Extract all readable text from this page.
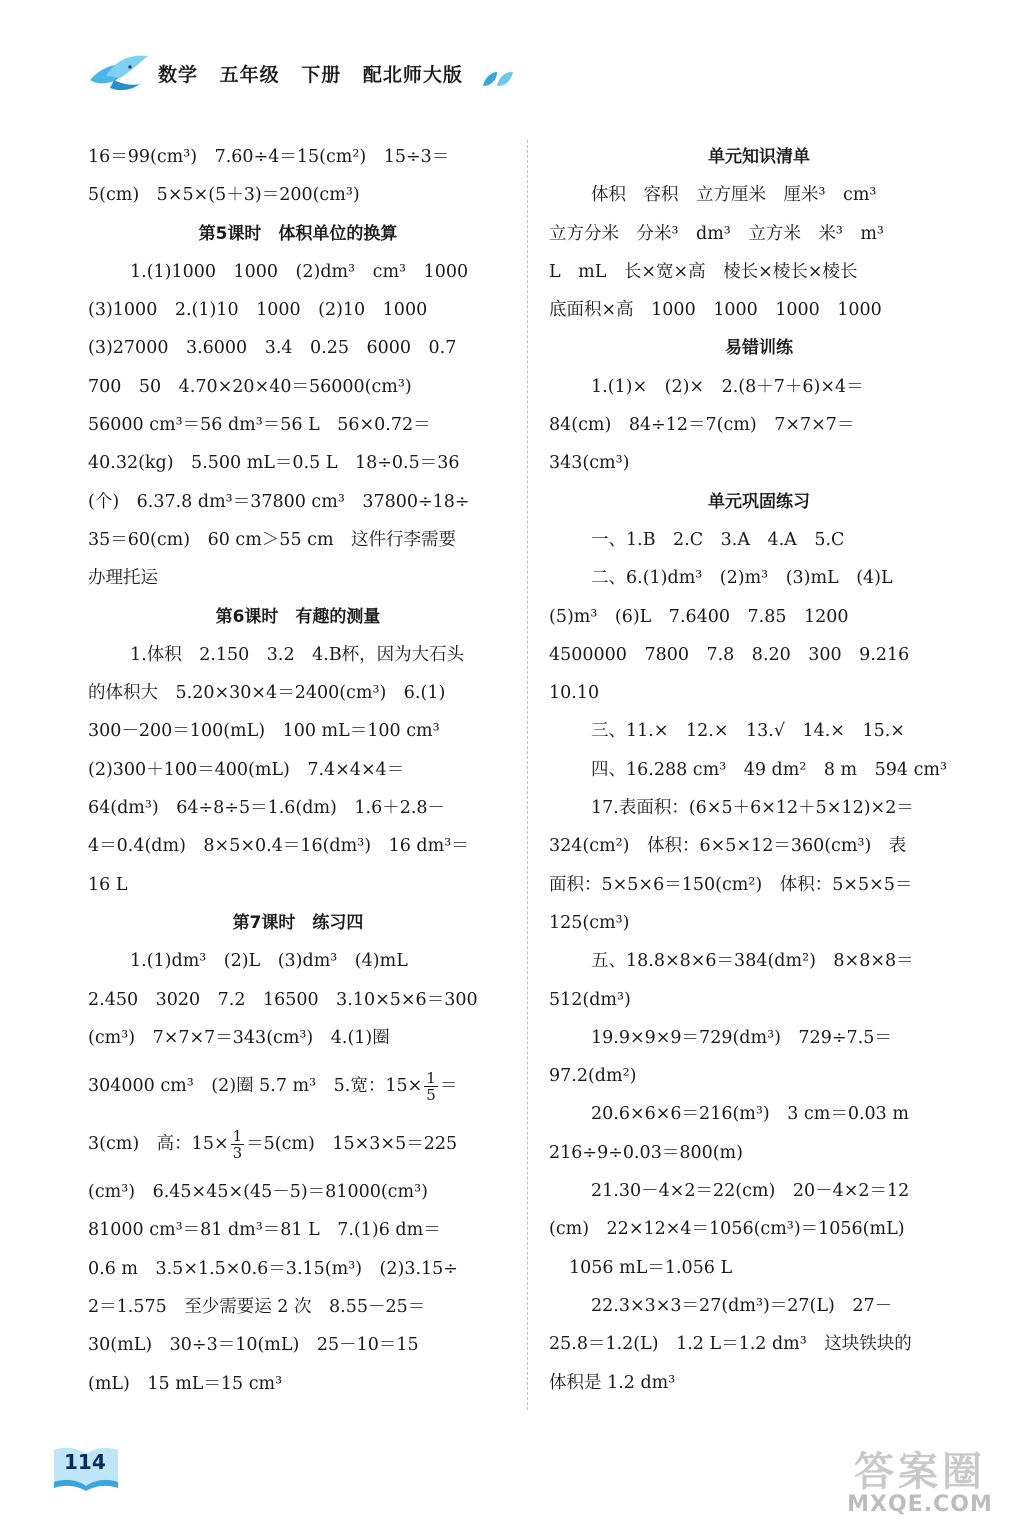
数学 五年级 下册 配北师大版
16＝99(cm³)　7.60÷4＝15(cm²)　15÷3＝
5(cm)　5×5×(5＋3)＝200(cm³)
第5课时　体积单位的换算
1.(1)1000　1000　(2)dm³　cm³　1000
(3)1000　2.(1)10　1000　(2)10　1000
(3)27000　3.6000　3.4　0.25　6000　0.7
700　50　4.70×20×40＝56000(cm³)
56000 cm³＝56 dm³＝56 L　56×0.72＝
40.32(kg)　5.500 mL＝0.5 L　18÷0.5＝36
(个)　6.37.8 dm³＝37800 cm³　37800÷18÷
35＝60(cm)　60 cm＞55 cm　这件行李需要
办理托运
第6课时　有趣的测量
1.体积　2.150　3.2　4.B杯，因为大石头
的体积大　5.20×30×4＝2400(cm³)　6.(1)
300－200＝100(mL)　100 mL＝100 cm³
(2)300＋100＝400(mL)　7.4×4×4＝
64(dm³)　64÷8÷5＝1.6(dm)　1.6＋2.8－
4＝0.4(dm)　8×5×0.4＝16(dm³)　16 dm³＝
16 L
第7课时　练习四
1.(1)dm³　(2)L　(3)dm³　(4)mL
2.450　3020　7.2　16500　3.10×5×6＝300
(cm³)　7×7×7＝343(cm³)　4.(1)圈
304000 cm³　(2)圈 5.7 m³　5.宽：$15\times \frac{1}{5}$ ＝
3(cm)　高：$15\times \frac{1}{3} =5(cm)$　15×3×5＝225
(cm³)　6.45×45×(45－5)＝81000(cm³)
81000 cm³＝81 dm³＝81 L　7.(1)6 dm＝
0.6 m　3.5×1.5×0.6＝3.15(m³)　(2)3.15÷
2＝1.575　至少需要运 2 次　8.55－25＝
30(mL)　30÷3＝10(mL)　25－10＝15
(mL)　15 mL＝15 cm³
单元知识清单
体积　容积　立方厘米　厘米³　cm³
立方分米　分米³　dm³　立方米　米³　m³
L　mL　长×宽×高　棱长×棱长×棱长
底面积×高　1000　1000　1000　1000
易错训练
1.(1)×　(2)×　2.(8＋7＋6)×4＝
84(cm)　84÷12＝7(cm)　7×7×7＝
343(cm³)
单元巩固练习
一、1.B　2.C　3.A　4.A　5.C
二、6.(1)dm³　(2)m³　(3)mL　(4)L
(5)m³　(6)L　7.6400　7.85　1200
4500000　7800　7.8　8.20　300　9.216
10.10
三、11.×　12.×　13.√　14.×　15.×
四、16.288 cm³　49 dm²　8 m　594 cm³
17.表面积：(6×5＋6×12＋5×12)×2＝
324(cm²)　体积：6×5×12＝360(cm³)　表
面积：5×5×6＝150(cm²)　体积：5×5×5＝
125(cm³)
五、18.8×8×6＝384(dm²)　8×8×8＝
512(dm³)
19.9×9×9＝729(dm³)　729÷7.5＝
97.2(dm²)
20.6×6×6＝216(m³)　3 cm＝0.03 m
216÷9÷0.03＝800(m)
21.30－4×2＝22(cm)　20－4×2＝12
(cm)　22×12×4＝1056(cm³)＝1056(mL)
1056 mL＝1.056 L
22.3×3×3＝27(dm³)＝27(L)　27－
25.8＝1.2(L)　1.2 L＝1.2 dm³　这块铁块的
体积是 1.2 dm³
114	答案圈
MXQE.COM
